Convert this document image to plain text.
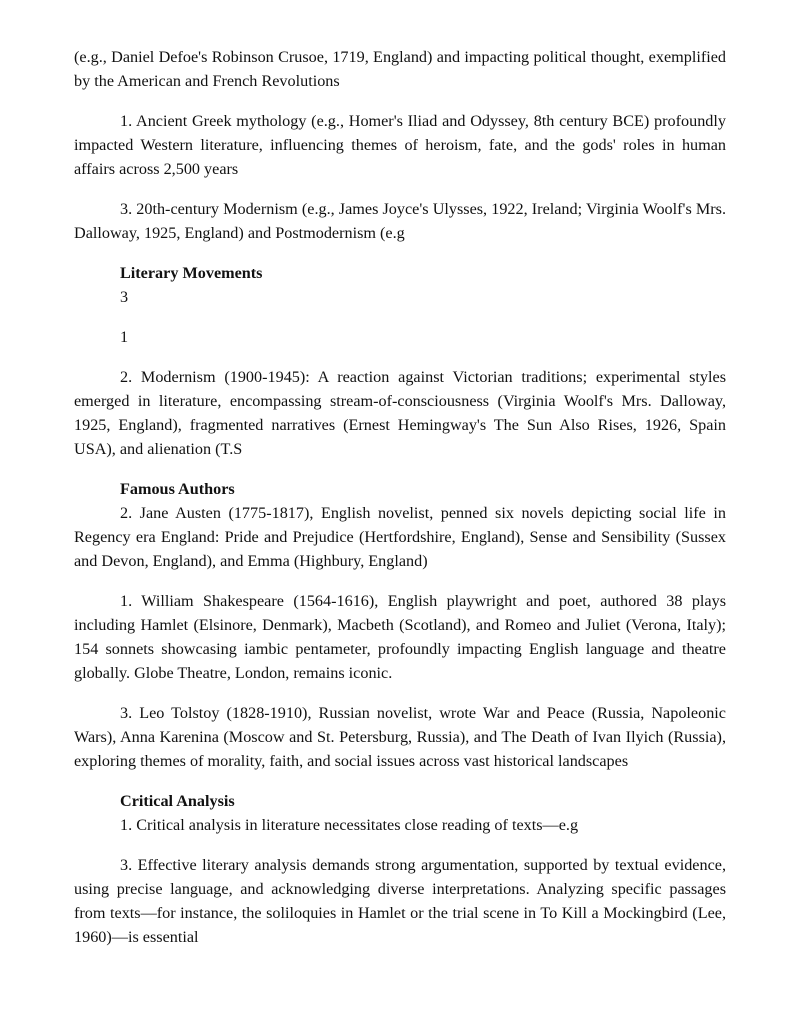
(e.g., Daniel Defoe's Robinson Crusoe, 1719, England) and impacting political thought, exemplified by the American and French Revolutions

1. Ancient Greek mythology (e.g., Homer's Iliad and Odyssey, 8th century BCE) profoundly impacted Western literature, influencing themes of heroism, fate, and the gods' roles in human affairs across 2,500 years

3. 20th-century Modernism (e.g., James Joyce's Ulysses, 1922, Ireland; Virginia Woolf's Mrs. Dalloway, 1925, England) and Postmodernism (e.g

Literary Movements
3
1

2. Modernism (1900-1945): A reaction against Victorian traditions; experimental styles emerged in literature, encompassing stream-of-consciousness (Virginia Woolf's Mrs. Dalloway, 1925, England), fragmented narratives (Ernest Hemingway's The Sun Also Rises, 1926, Spain USA), and alienation (T.S

Famous Authors

2. Jane Austen (1775-1817), English novelist, penned six novels depicting social life in Regency era England: Pride and Prejudice (Hertfordshire, England), Sense and Sensibility (Sussex and Devon, England), and Emma (Highbury, England)

1. William Shakespeare (1564-1616), English playwright and poet, authored 38 plays including Hamlet (Elsinore, Denmark), Macbeth (Scotland), and Romeo and Juliet (Verona, Italy); 154 sonnets showcasing iambic pentameter, profoundly impacting English language and theatre globally. Globe Theatre, London, remains iconic.

3. Leo Tolstoy (1828-1910), Russian novelist, wrote War and Peace (Russia, Napoleonic Wars), Anna Karenina (Moscow and St. Petersburg, Russia), and The Death of Ivan Ilyich (Russia), exploring themes of morality, faith, and social issues across vast historical landscapes

Critical Analysis

1. Critical analysis in literature necessitates close reading of texts—e.g

3. Effective literary analysis demands strong argumentation, supported by textual evidence, using precise language, and acknowledging diverse interpretations. Analyzing specific passages from texts—for instance, the soliloquies in Hamlet or the trial scene in To Kill a Mockingbird (Lee, 1960)—is essential
